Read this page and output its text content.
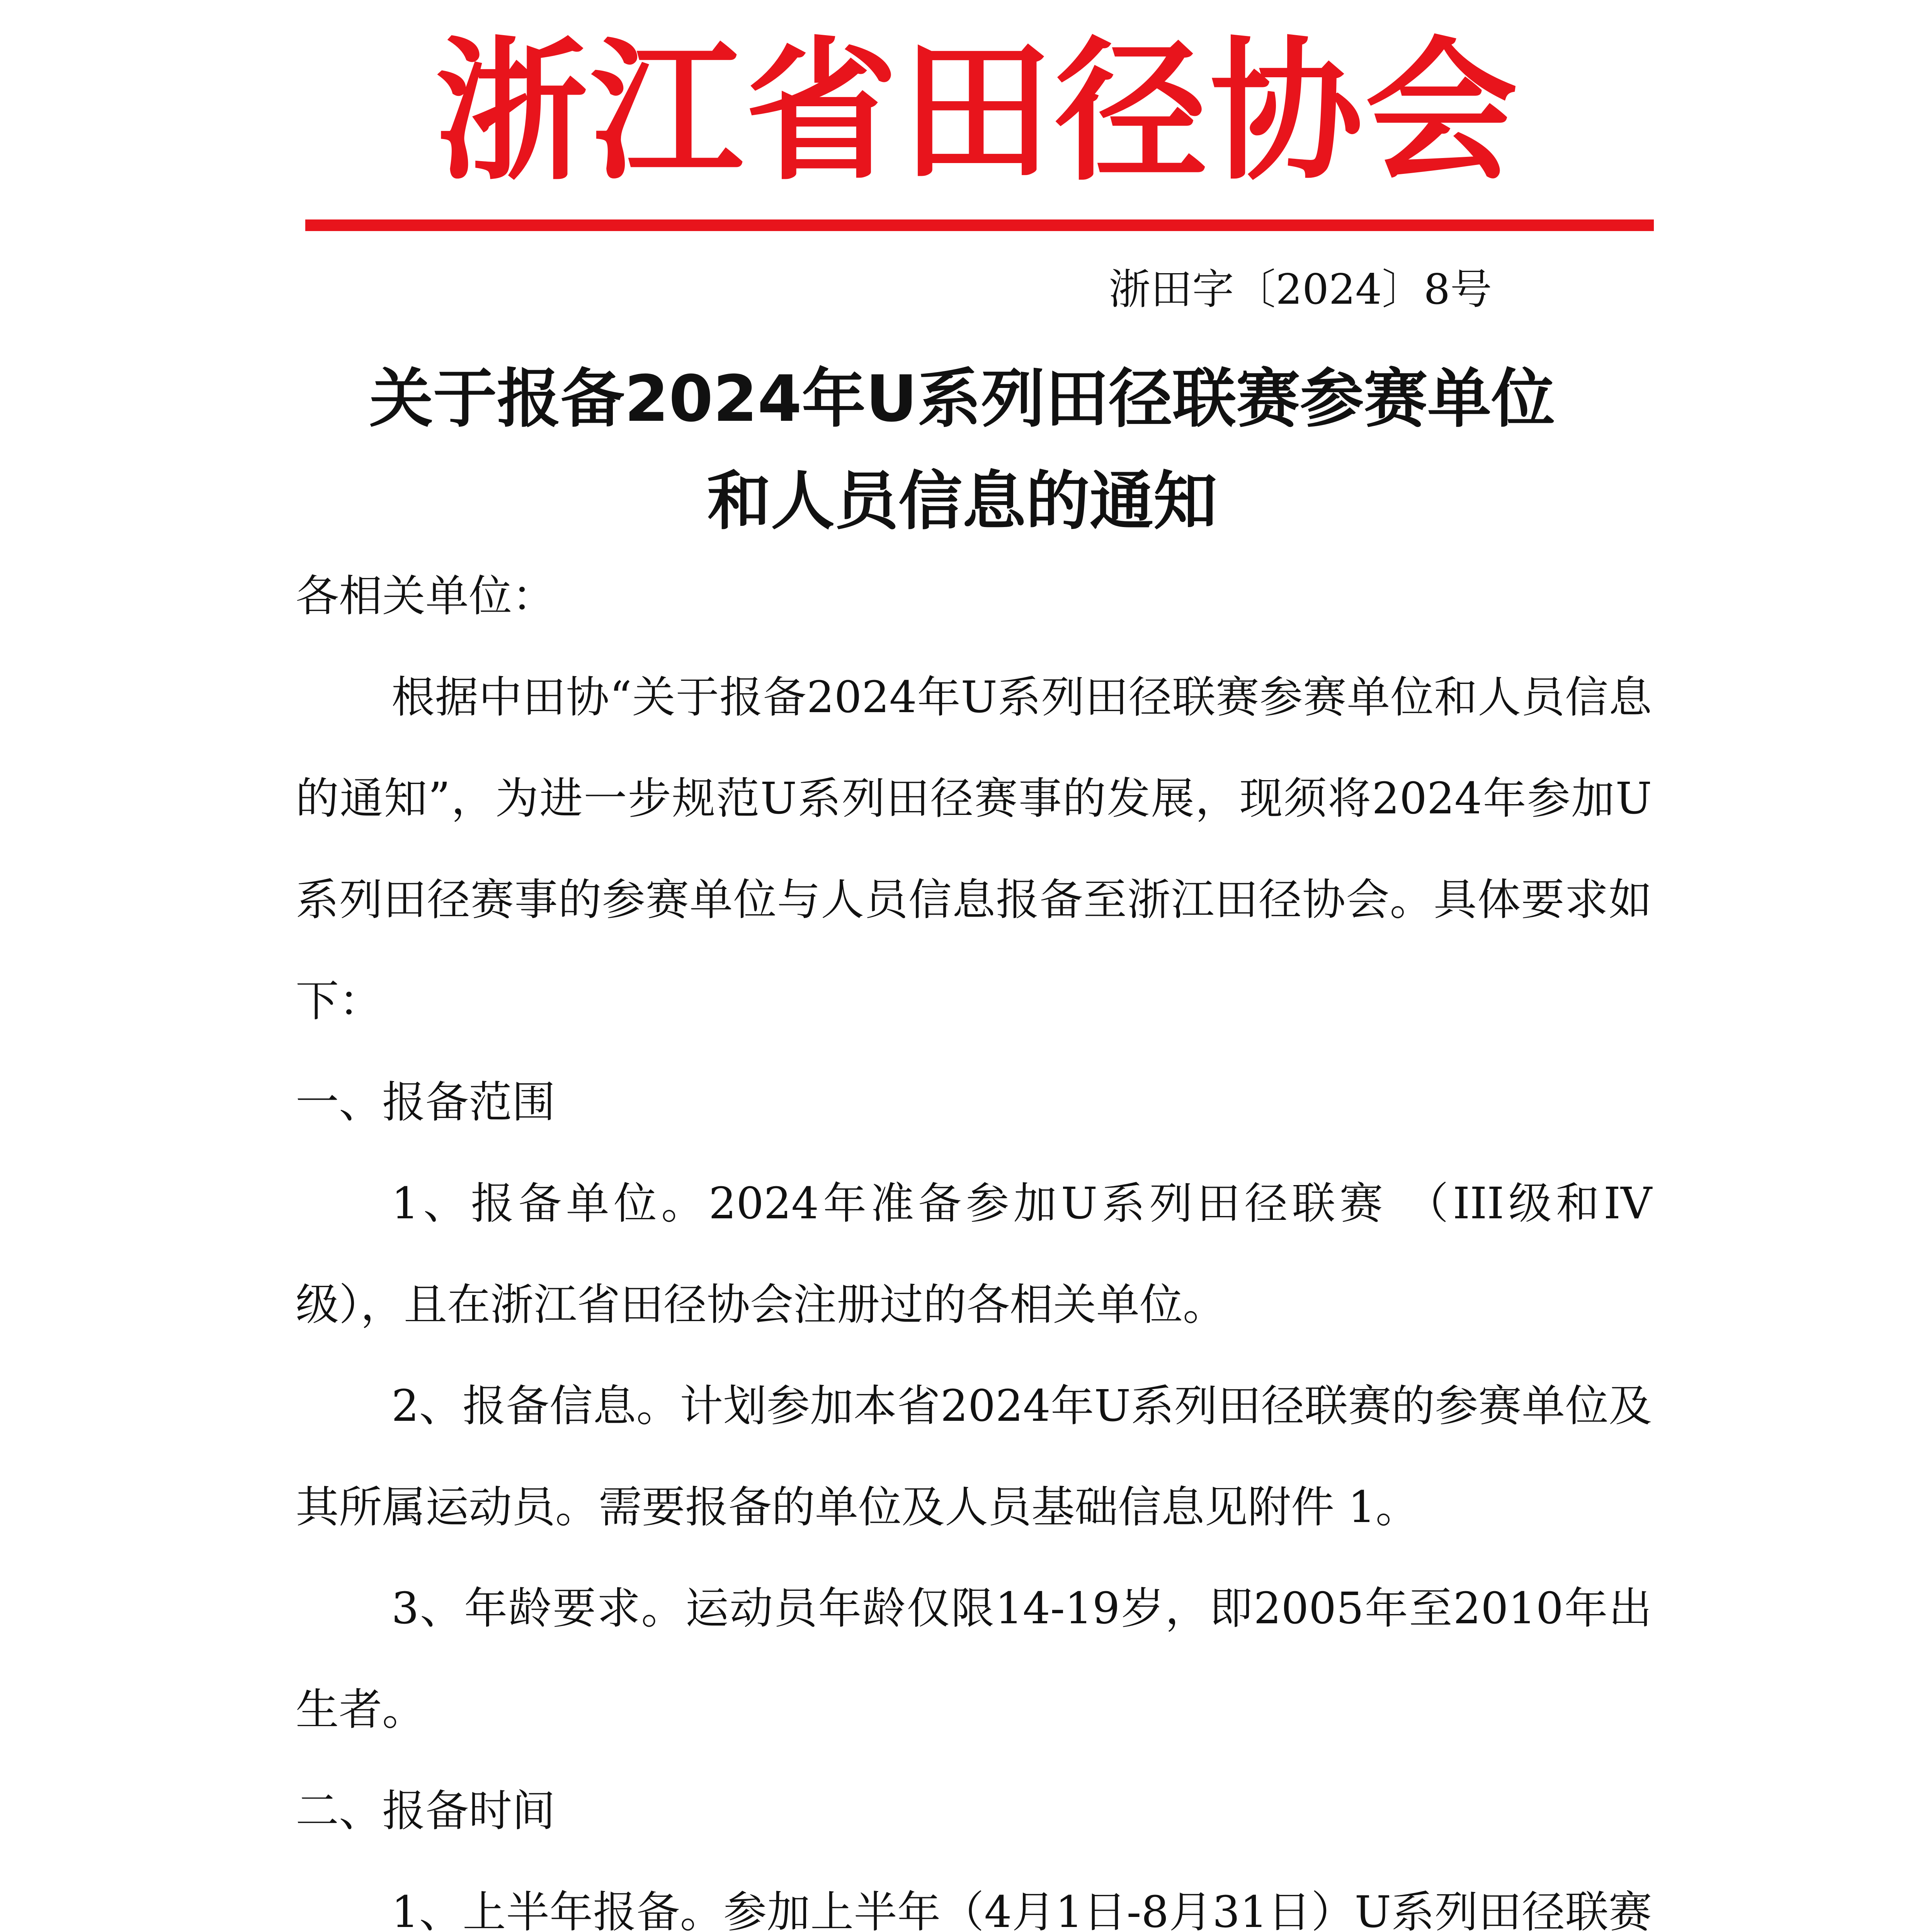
浙江省田径协会
浙田字〔2024〕8号
关于报备2024年U系列田径联赛参赛单位
和人员信息的通知

各相关单位：

根据中田协“关于报备2024年U系列田径联赛参赛单位和人员信息的通知”，为进一步规范U系列田径赛事的发展，现须将2024年参加U系列田径赛事的参赛单位与人员信息报备至浙江田径协会。具体要求如下：

一、报备范围

1、报备单位。2024年准备参加U系列田径联赛 （III级和IV级），且在浙江省田径协会注册过的各相关单位。

2、报备信息。计划参加本省2024年U系列田径联赛的参赛单位及其所属运动员。需要报备的单位及人员基础信息见附件 1。

3、年龄要求。运动员年龄仅限14-19岁，即2005年至2010年出生者。

二、报备时间

1、上半年报备。参加上半年（4月1日-8月31日）U系列田径联赛
